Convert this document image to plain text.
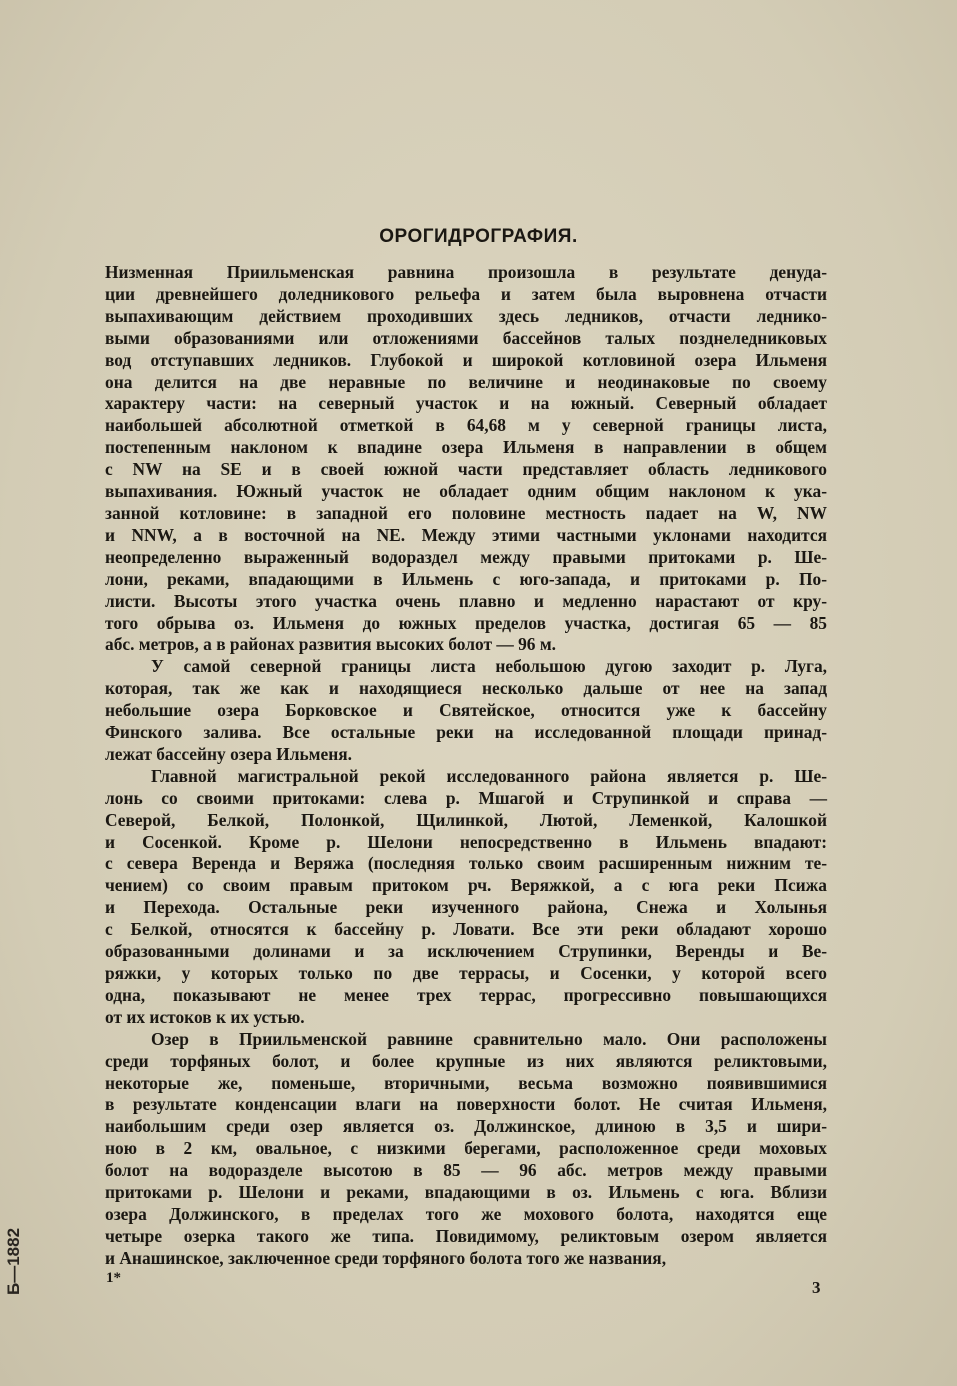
Б—1882
ОРОГИДРОГРАФИЯ.
Низменная Приильменская равнина произошла в результате денуда-
ции древнейшего доледникового рельефа и затем была выровнена отчасти
выпахивающим действием проходивших здесь ледников, отчасти леднико-
выми образованиями или отложениями бассейнов талых позднеледниковых
вод отступавших ледников. Глубокой и широкой котловиной озера Ильменя
она делится на две неравные по величине и неодинаковые по своему
характеру части: на северный участок и на южный. Северный обладает
наибольшей абсолютной отметкой в 64,68 м у северной границы листа,
постепенным наклоном к впадине озера Ильменя в направлении в общем
с NW на SE и в своей южной части представляет область ледникового
выпахивания. Южный участок не обладает одним общим наклоном к ука-
занной котловине: в западной его половине местность падает на W, NW
и NNW, а в восточной на NE. Между этими частными уклонами находится
неопределенно выраженный водораздел между правыми притоками р. Ше-
лони, реками, впадающими в Ильмень с юго-запада, и притоками р. По-
листи. Высоты этого участка очень плавно и медленно нарастают от кру-
того обрыва оз. Ильменя до южных пределов участка, достигая 65 — 85
абс. метров, а в районах развития высоких болот — 96 м.
У самой северной границы листа небольшою дугою заходит р. Луга,
которая, так же как и находящиеся несколько дальше от нее на запад
небольшие озера Борковское и Святейское, относится уже к бассейну
Финского залива. Все остальные реки на исследованной площади принад-
лежат бассейну озера Ильменя.
Главной магистральной рекой исследованного района является р. Ше-
лонь со своими притоками: слева р. Мшагой и Струпинкой и справа —
Северой, Белкой, Полонкой, Щилинкой, Лютой, Леменкой, Калошкой
и Сосенкой. Кроме р. Шелони непосредственно в Ильмень впадают:
с севера Веренда и Веряжа (последняя только своим расширенным нижним те-
чением) со своим правым притоком рч. Веряжкой, а с юга реки Псижа
и Перехода. Остальные реки изученного района, Снежа и Холынья
с Белкой, относятся к бассейну р. Ловати. Все эти реки обладают хорошо
образованными долинами и за исключением Струпинки, Веренды и Ве-
ряжки, у которых только по две террасы, и Сосенки, у которой всего
одна, показывают не менее трех террас, прогрессивно повышающихся
от их истоков к их устью.
Озер в Приильменской равнине сравнительно мало. Они расположены
среди торфяных болот, и более крупные из них являются реликтовыми,
некоторые же, поменьше, вторичными, весьма возможно появившимися
в результате конденсации влаги на поверхности болот. Не считая Ильменя,
наибольшим среди озер является оз. Должинское, длиною в 3,5 и шири-
ною в 2 км, овальное, с низкими берегами, расположенное среди моховых
болот на водоразделе высотою в 85 — 96 абс. метров между правыми
притоками р. Шелони и реками, впадающими в оз. Ильмень с юга. Вблизи
озера Должинского, в пределах того же мохового болота, находятся еще
четыре озерка такого же типа. Повидимому, реликтовым озером является
и Анашинское, заключенное среди торфяного болота того же названия,
1*	3
